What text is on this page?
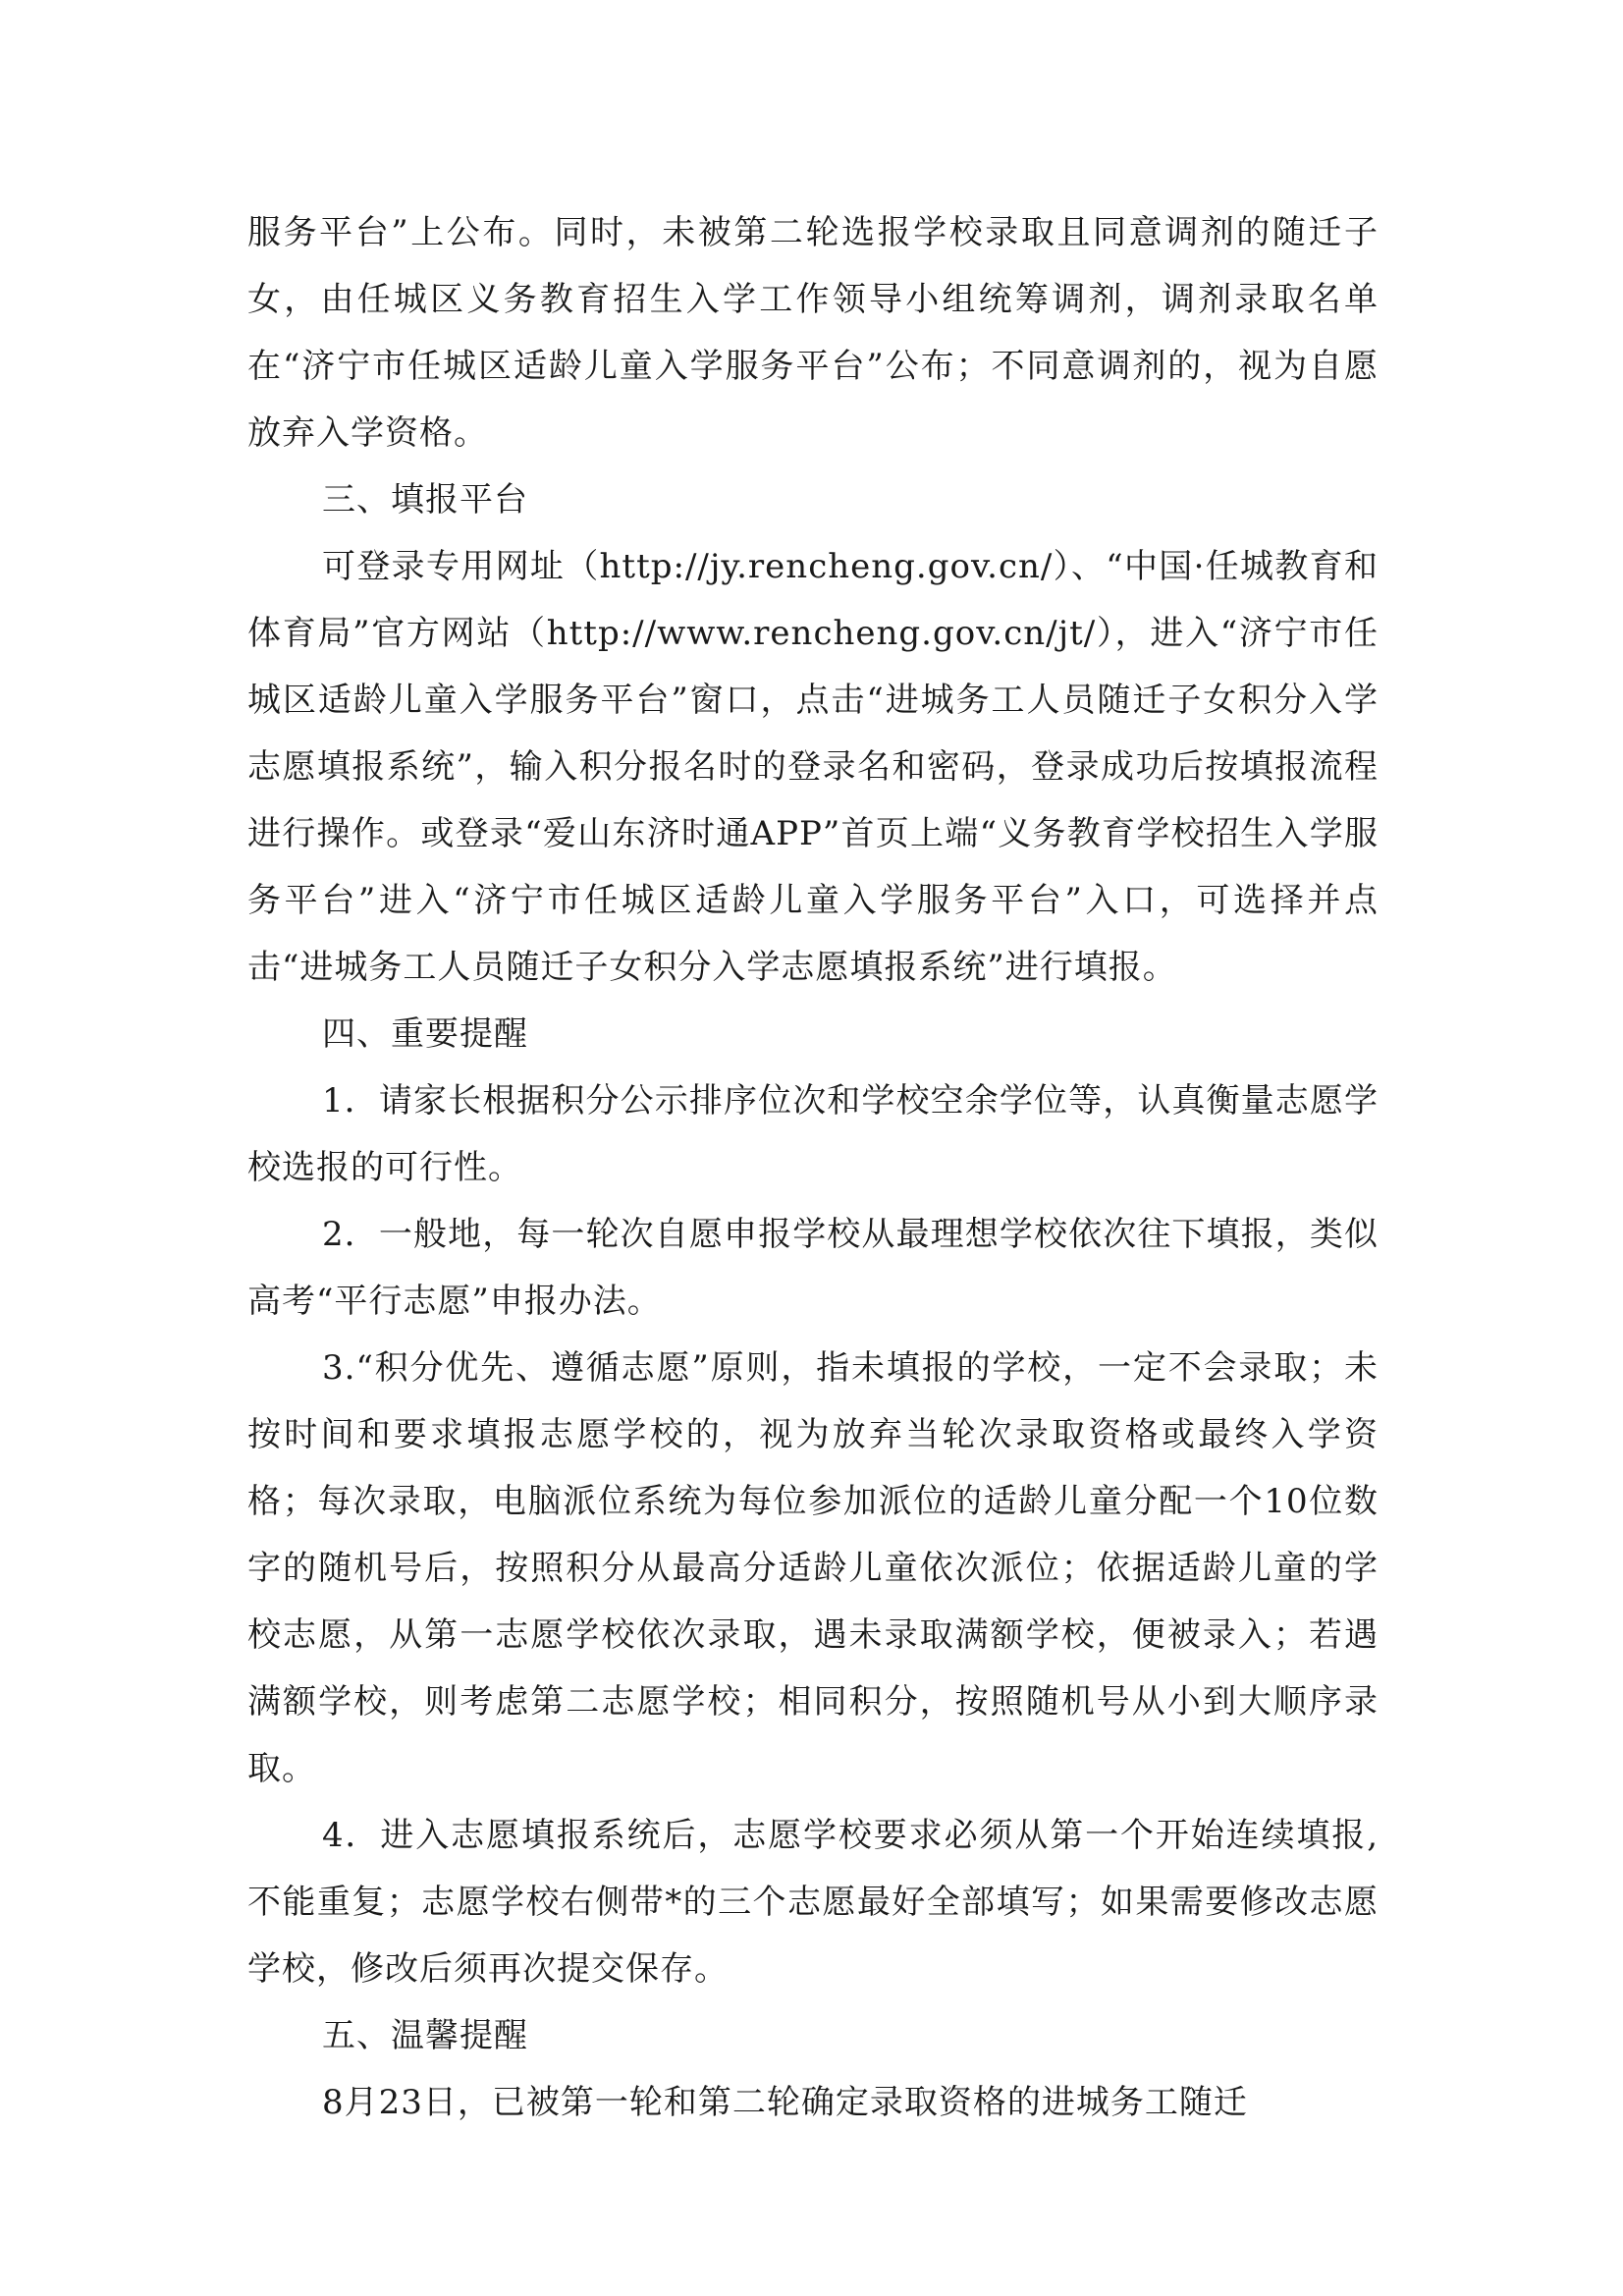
服务平台”上公布。同时，未被第二轮选报学校录取且同意调剂的随迁子女，由任城区义务教育招生入学工作领导小组统筹调剂，调剂录取名单在“济宁市任城区适龄儿童入学服务平台”公布；不同意调剂的，视为自愿放弃入学资格。

三、填报平台

可登录专用网址（http://jy.rencheng.gov.cn/）、“中国·任城教育和体育局”官方网站（http://www.rencheng.gov.cn/jt/），进入“济宁市任城区适龄儿童入学服务平台”窗口，点击“进城务工人员随迁子女积分入学志愿填报系统”，输入积分报名时的登录名和密码，登录成功后按填报流程进行操作。或登录“爱山东济时通APP”首页上端“义务教育学校招生入学服务平台”进入“济宁市任城区适龄儿童入学服务平台”入口，可选择并点击“进城务工人员随迁子女积分入学志愿填报系统”进行填报。

四、重要提醒

1．请家长根据积分公示排序位次和学校空余学位等，认真衡量志愿学校选报的可行性。

2．一般地，每一轮次自愿申报学校从最理想学校依次往下填报，类似高考“平行志愿”申报办法。

3.“积分优先、遵循志愿”原则，指未填报的学校，一定不会录取；未按时间和要求填报志愿学校的，视为放弃当轮次录取资格或最终入学资格；每次录取，电脑派位系统为每位参加派位的适龄儿童分配一个10位数字的随机号后，按照积分从最高分适龄儿童依次派位；依据适龄儿童的学校志愿，从第一志愿学校依次录取，遇未录取满额学校，便被录入；若遇满额学校，则考虑第二志愿学校；相同积分，按照随机号从小到大顺序录取。

4．进入志愿填报系统后，志愿学校要求必须从第一个开始连续填报,不能重复；志愿学校右侧带*的三个志愿最好全部填写；如果需要修改志愿学校，修改后须再次提交保存。

五、温馨提醒

8月23日，已被第一轮和第二轮确定录取资格的进城务工随迁
